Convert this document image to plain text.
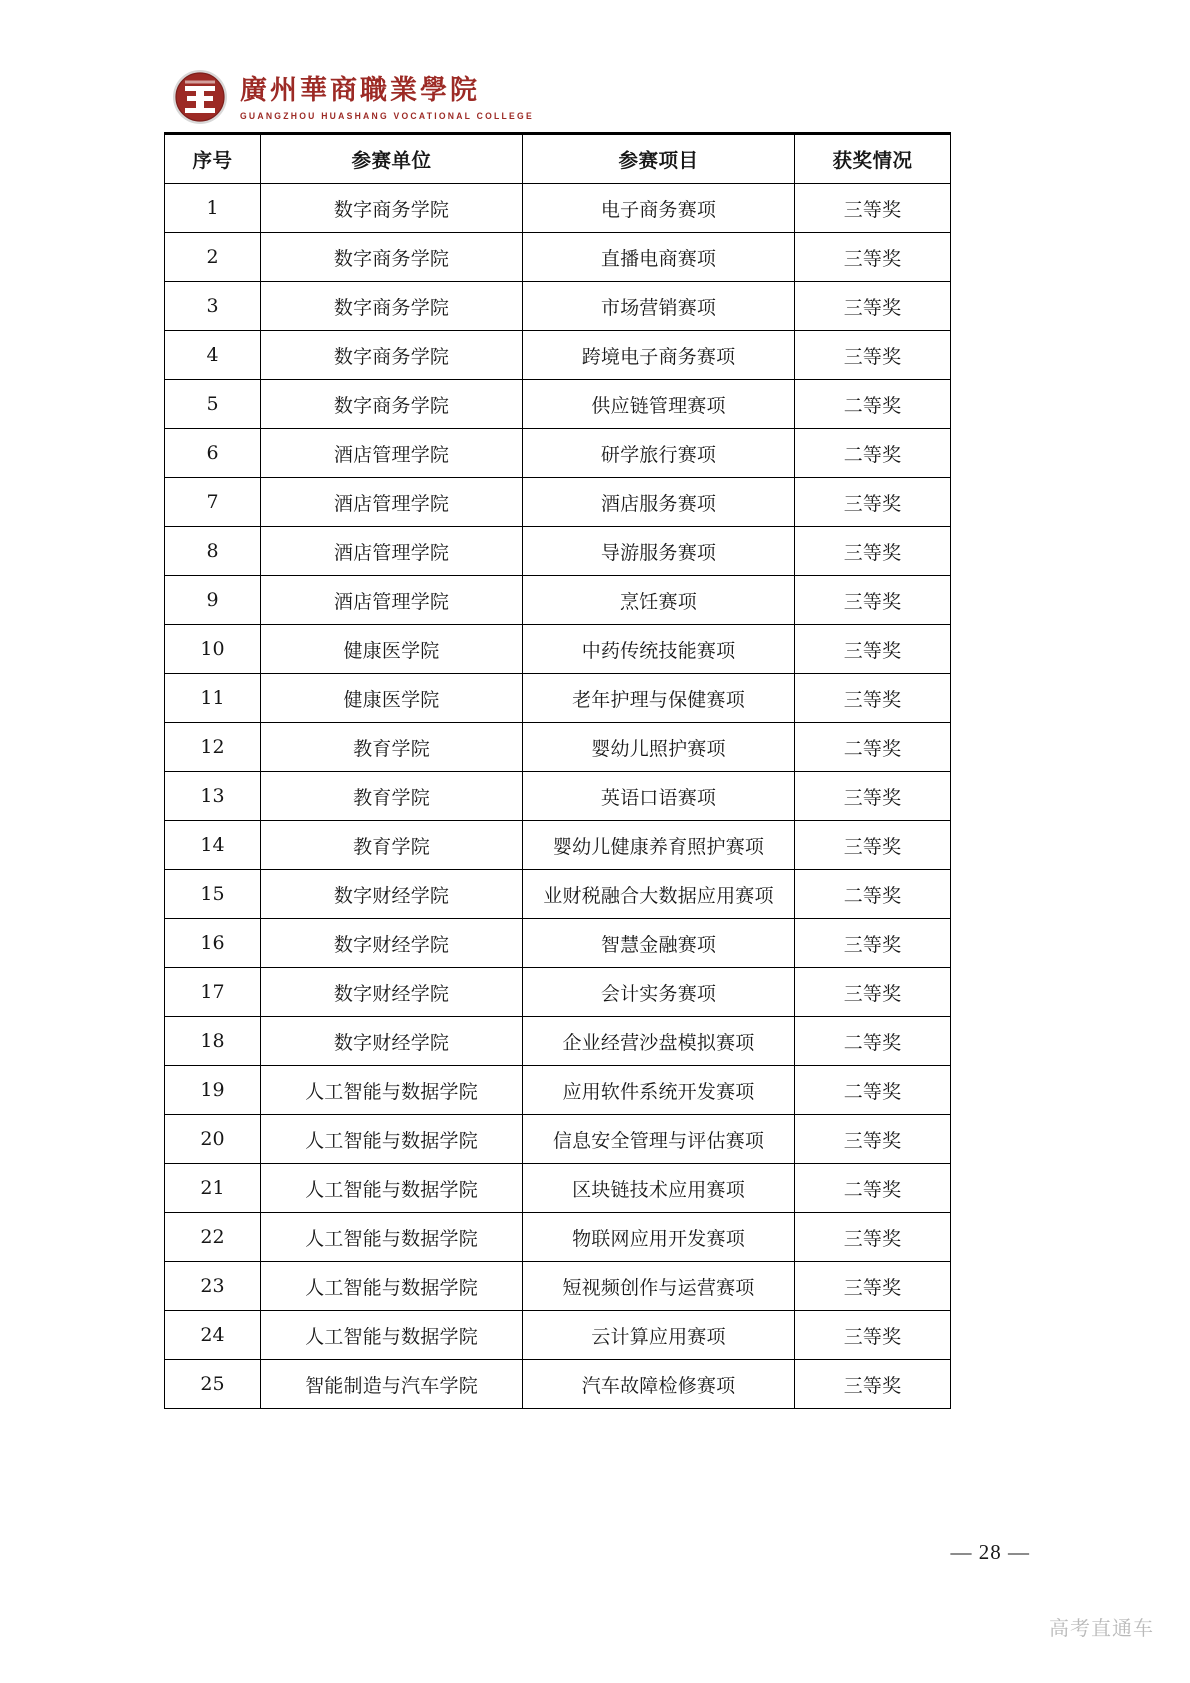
廣州華商職業學院
GUANGZHOU HUASHANG VOCATIONAL COLLEGE
序号	参赛单位	参赛项目	获奖情况
1	数字商务学院	电子商务赛项	三等奖
2	数字商务学院	直播电商赛项	三等奖
3	数字商务学院	市场营销赛项	三等奖
4	数字商务学院	跨境电子商务赛项	三等奖
5	数字商务学院	供应链管理赛项	二等奖
6	酒店管理学院	研学旅行赛项	二等奖
7	酒店管理学院	酒店服务赛项	三等奖
8	酒店管理学院	导游服务赛项	三等奖
9	酒店管理学院	烹饪赛项	三等奖
10	健康医学院	中药传统技能赛项	三等奖
11	健康医学院	老年护理与保健赛项	三等奖
12	教育学院	婴幼儿照护赛项	二等奖
13	教育学院	英语口语赛项	三等奖
14	教育学院	婴幼儿健康养育照护赛项	三等奖
15	数字财经学院	业财税融合大数据应用赛项	二等奖
16	数字财经学院	智慧金融赛项	三等奖
17	数字财经学院	会计实务赛项	三等奖
18	数字财经学院	企业经营沙盘模拟赛项	二等奖
19	人工智能与数据学院	应用软件系统开发赛项	二等奖
20	人工智能与数据学院	信息安全管理与评估赛项	三等奖
21	人工智能与数据学院	区块链技术应用赛项	二等奖
22	人工智能与数据学院	物联网应用开发赛项	三等奖
23	人工智能与数据学院	短视频创作与运营赛项	三等奖
24	人工智能与数据学院	云计算应用赛项	三等奖
25	智能制造与汽车学院	汽车故障检修赛项	三等奖
— 28 —
高考直通车
